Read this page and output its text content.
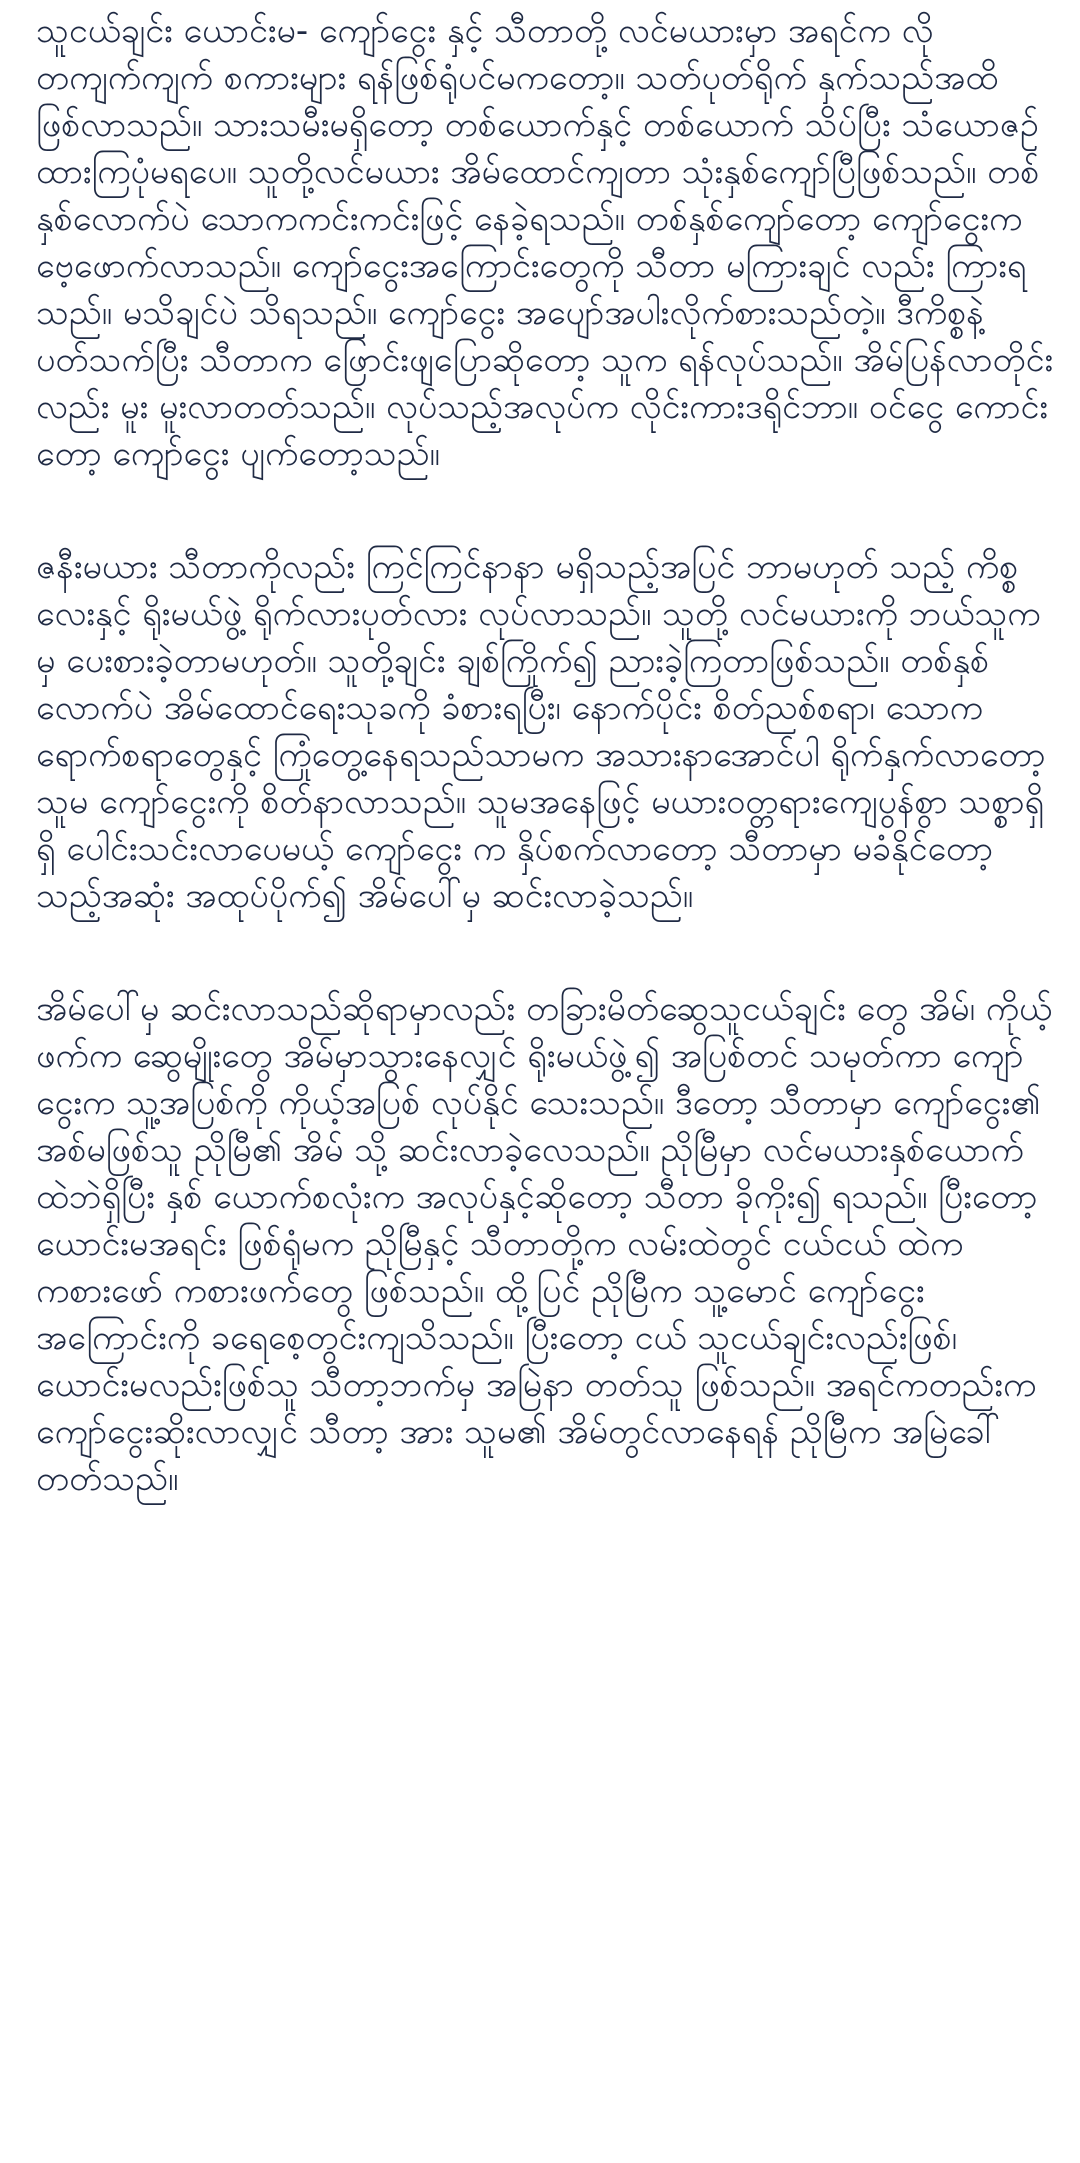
သူငယ်ချင်း ယောင်းမ- ကျော်ငွေး နှင့် သီတာတို့ လင်မယားမှာ အရင်က လို တကျက်ကျက် စကားများ ရန်ဖြစ်ရုံပင်မကတော့။ သတ်ပုတ်ရိုက် နှက်သည်အထိ ဖြစ်လာသည်။ သားသမီးမရှိတော့ တစ်ယောက်နှင့် တစ်ယောက် သိပ်ပြီး သံယောဇဉ်ထားကြပုံမရပေ။ သူတို့လင်မယား အိမ်ထောင်ကျတာ သုံးနှစ်ကျော်ပြီဖြစ်သည်။ တစ်နှစ်လောက်ပဲ သောကကင်းကင်းဖြင့် နေခဲ့ရသည်။ တစ်နှစ်ကျော်တော့ ကျော်ငွေးက ဗေ့ဖောက်လာသည်။ ကျော်ငွေးအကြောင်းတွေကို သီတာ မကြားချင် လည်း ကြားရသည်။ မသိချင်ပဲ သိရသည်။ ကျော်ငွေး အပျော်အပါးလိုက်စားသည်တဲ့။ ဒီကိစ္စနဲ့ပတ်သက်ပြီး သီတာက ဖြောင်းဖျပြောဆိုတော့ သူက ရန်လုပ်သည်။ အိမ်ပြန်လာတိုင်းလည်း မူး မူးလာတတ်သည်။ လုပ်သည့်အလုပ်က လိုင်းကားဒရိုင်ဘာ။ ဝင်ငွေ ကောင်းတော့ ကျော်ငွေး ပျက်တော့သည်။

ဇနီးမယား သီတာကိုလည်း ကြင်ကြင်နာနာ မရှိသည့်အပြင် ဘာမဟုတ် သည့် ကိစ္စလေးနှင့် ရိုးမယ်ဖွဲ့ ရိုက်လားပုတ်လား လုပ်လာသည်။ သူတို့ လင်မယားကို ဘယ်သူကမှ ပေးစားခဲ့တာမဟုတ်။ သူတို့ချင်း ချစ်ကြိုက်၍ ညားခဲ့ကြတာဖြစ်သည်။ တစ်နှစ်လောက်ပဲ အိမ်ထောင်ရေးသုခကို ခံစားရပြီး၊ နောက်ပိုင်း စိတ်ညစ်စရာ၊ သောက ရောက်စရာတွေနှင့် ကြုံတွေ့နေရသည်သာမက အသားနာအောင်ပါ ရိုက်နှက်လာတော့ သူမ ကျော်ငွေးကို စိတ်နာလာသည်။ သူမအနေဖြင့် မယားဝတ္တရားကျေပွန်စွာ သစ္စာရှိရှိ ပေါင်းသင်းလာပေမယ့် ကျော်ငွေး က နှိပ်စက်လာတော့ သီတာမှာ မခံနိုင်တော့သည့်အဆုံး အထုပ်ပိုက်၍ အိမ်ပေါ်မှ ဆင်းလာခဲ့သည်။

အိမ်ပေါ်မှ ဆင်းလာသည်ဆိုရာမှာလည်း တခြားမိတ်ဆွေသူငယ်ချင်း တွေ အိမ်၊ ကိုယ့်ဖက်က ဆွေမျိုးတွေ အိမ်မှာသွားနေလျှင် ရိုးမယ်ဖွဲ့၍ အပြစ်တင် သမုတ်ကာ ကျော်ငွေးက သူ့အပြစ်ကို ကိုယ့်အပြစ် လုပ်နိုင် သေးသည်။ ဒီတော့ သီတာမှာ ကျော်ငွေး၏ အစ်မဖြစ်သူ ညိုမြီ၏ အိမ် သို့ ဆင်းလာခဲ့လေသည်။ ညိုမြီမှာ လင်မယားနှစ်ယောက်ထဲဘဲရှိပြီး နှစ် ယောက်စလုံးက အလုပ်နှင့်ဆိုတော့ သီတာ ခိုကိုး၍ ရသည်။ ပြီးတော့ ယောင်းမအရင်း ဖြစ်ရုံမက ညိုမြီနှင့် သီတာတို့က လမ်းထဲတွင် ငယ်ငယ် ထဲက ကစားဖော် ကစားဖက်တွေ ဖြစ်သည်။ ထို့ပြင် ညိုမြီက သူ့မောင် ကျော်ငွေး အကြောင်းကို ခရေစေ့တွင်းကျသိသည်။ ပြီးတော့ ငယ် သူငယ်ချင်းလည်းဖြစ်၊ ယောင်းမလည်းဖြစ်သူ သီတာ့ဘက်မှ အမြဲနာ တတ်သူ ဖြစ်သည်။ အရင်ကတည်းက ကျော်ငွေးဆိုးလာလျှင် သီတာ့ အား သူမ၏ အိမ်တွင်လာနေရန် ညိုမြီက အမြဲခေါ်တတ်သည်။
